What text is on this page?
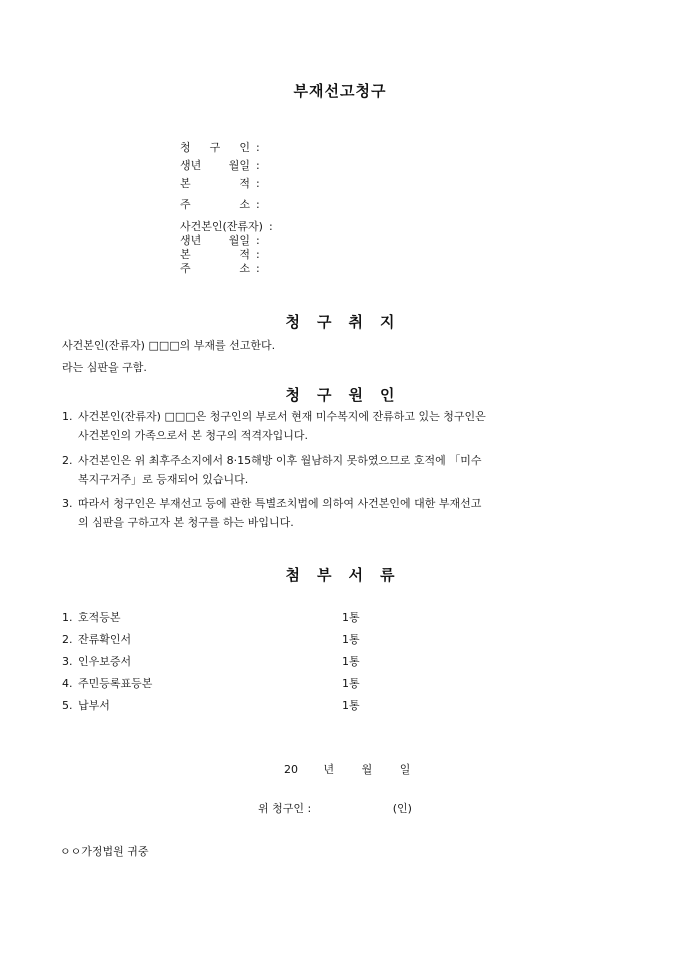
부재선고청구
청 구 인 :
생년 월일 :
본 적 :
주 소 :
사건본인(잔류자) :
생년 월일 :
본 적 :
주 소 :
청구취지
사건본인(잔류자) □□□의 부재를 선고한다.
라는 심판을 구함.
청구원인
1. 사건본인(잔류자) □□□은 청구인의 부로서 현재 미수복지에 잔류하고 있는 청구인은
사건본인의 가족으로서 본 청구의 적격자입니다.
2. 사건본인은 위 최후주소지에서 8·15해방 이후 월남하지 못하였으므로 호적에 「미수
복지구거주」로 등재되어 있습니다.
3. 따라서 청구인은 부재선고 등에 관한 특별조치법에 의하여 사건본인에 대한 부재선고
의 심판을 구하고자 본 청구를 하는 바입니다.
첨부서류
1. 호적등본	1통
2. 잔류확인서	1통
3. 인우보증서	1통
4. 주민등록표등본	1통
5. 납부서	1통
20 년	월	일
위 청구인 :	(인)
ㅇㅇ가정법원 귀중
